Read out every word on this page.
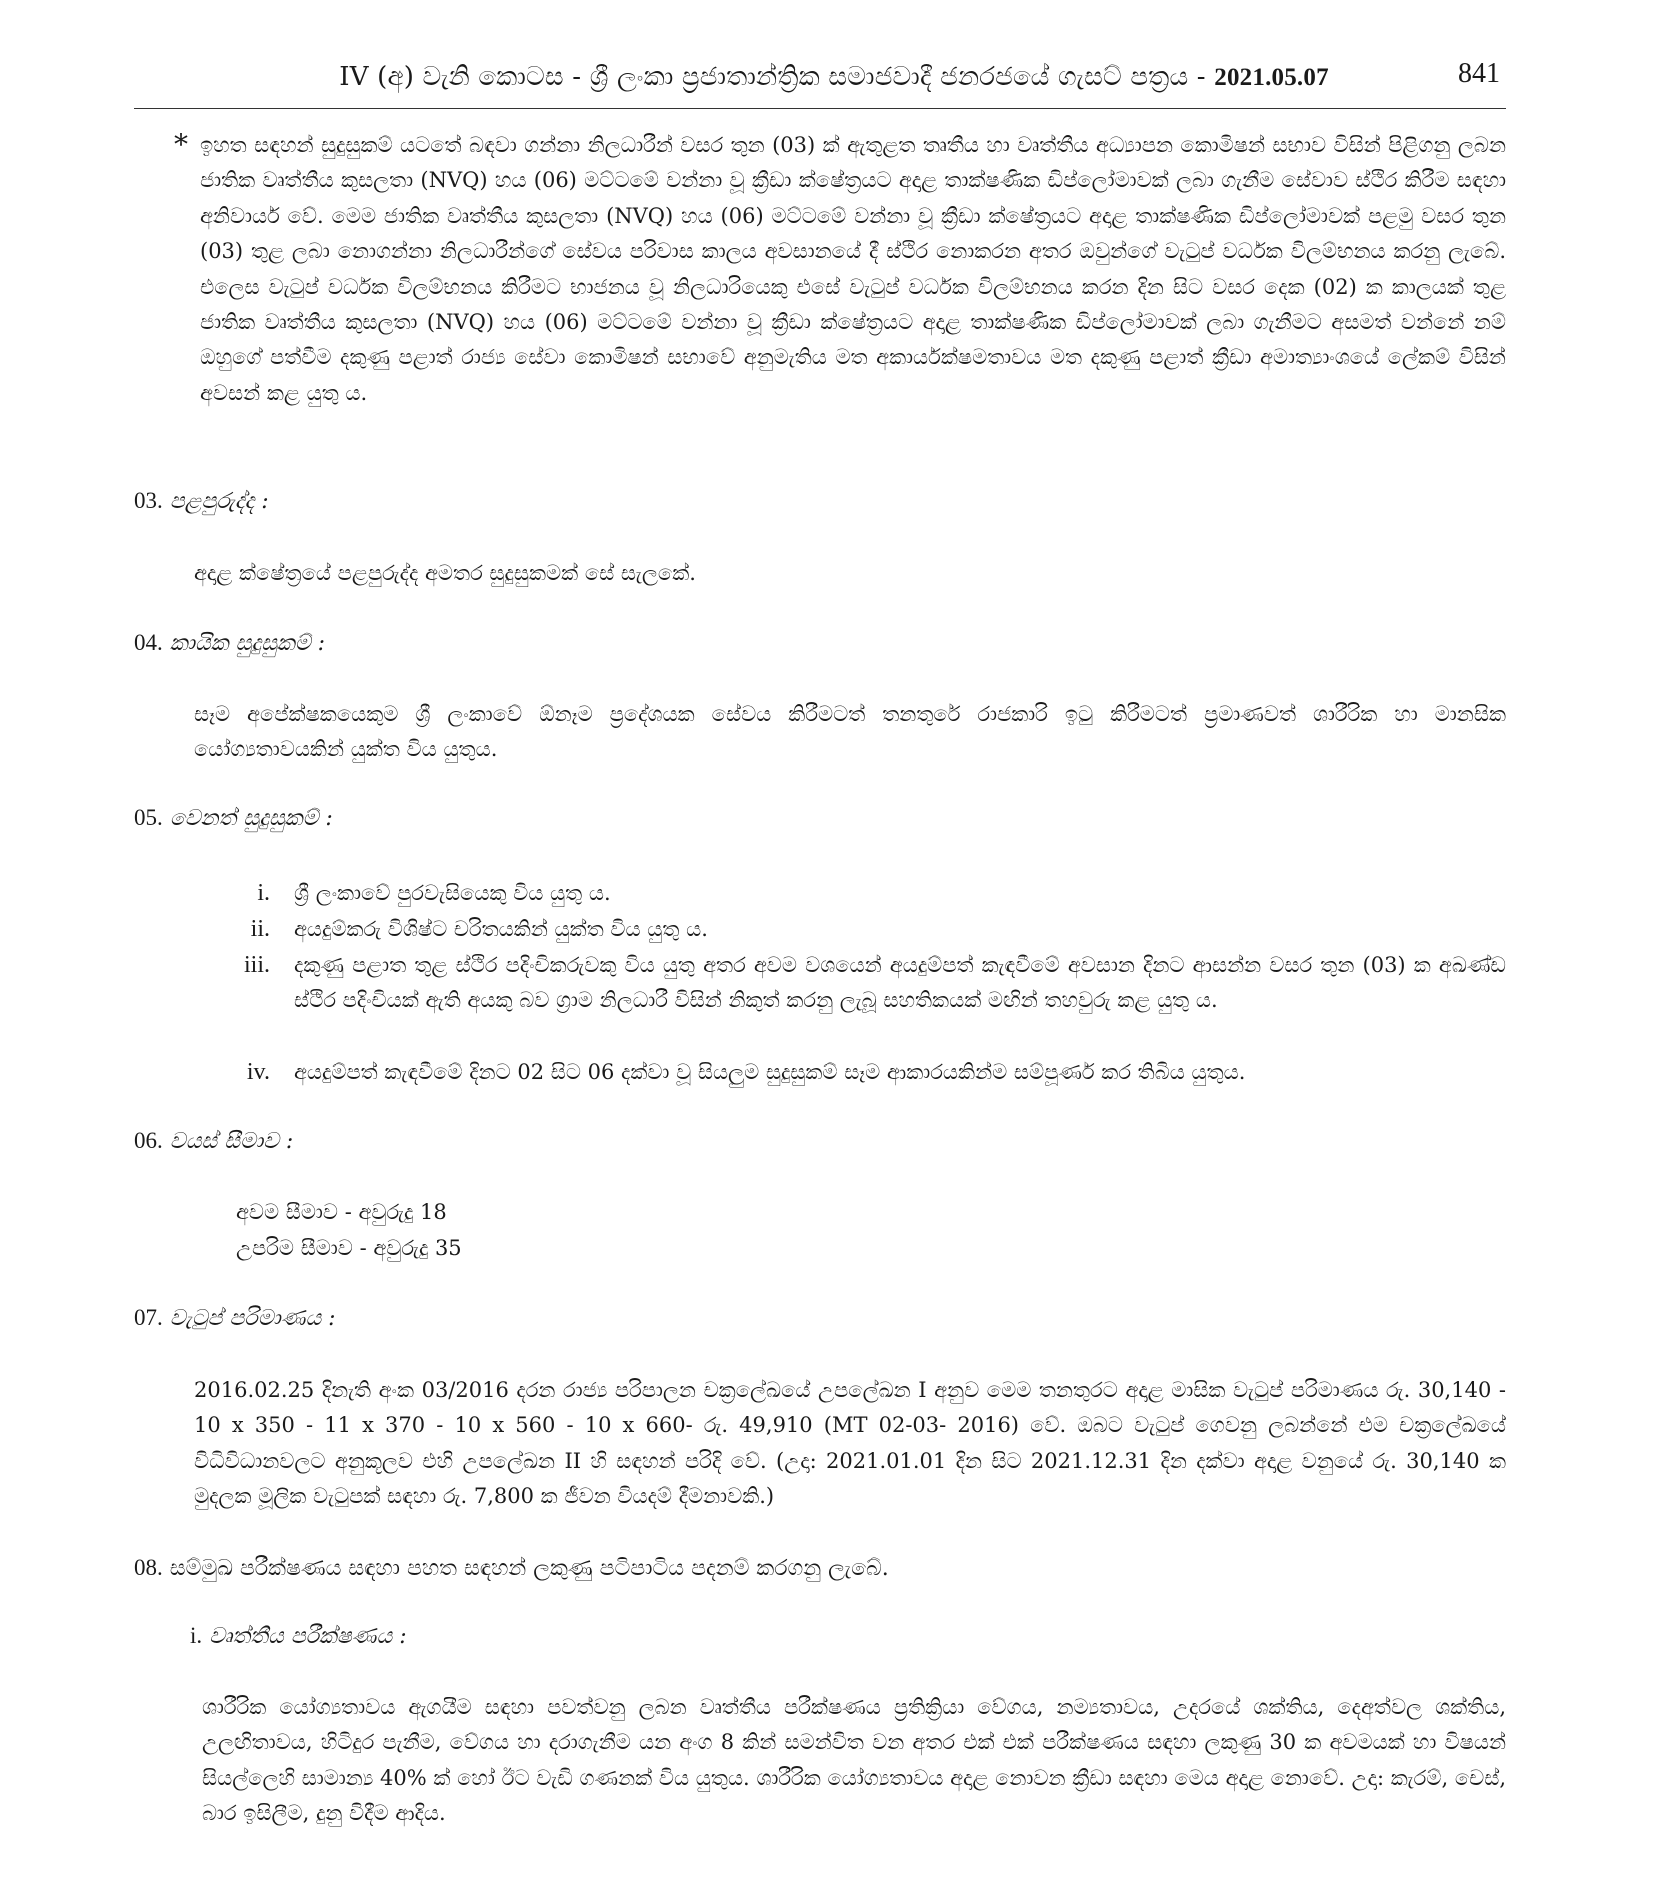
IV (අ) වැනි කොටස - ශ්‍රී ලංකා ප්‍රජාතාන්ත්‍රික සමාජවාදී ජනරජයේ ගැසට් පත්‍රය - 2021.05.07	841
* ඉහත සඳහන් සුදුසුකම් යටතේ බඳවා ගන්නා නිලධාරීන් වසර තුන (03) ක් ඇතුළත තෘතීය හා වෘත්තීය අධ්‍යාපන කොමිෂන් සභාව විසින් පිළිගනු ලබන ජාතික වෘත්තීය කුසලතා (NVQ) හය (06) මට්ටමේ වන්නා වූ ක්‍රීඩා ක්ෂේත්‍රයට අදාළ තාක්ෂණික ඩිප්ලෝමාවක් ලබා ගැනීම සේවාව ස්ථිර කිරීම සඳහා අනිවාර්ය වේ. මෙම ජාතික වෘත්තීය කුසලතා (NVQ) හය (06) මට්ටමේ වන්නා වූ ක්‍රීඩා ක්ෂේත්‍රයට අදාළ තාක්ෂණික ඩිප්ලෝමාවක් පළමු වසර තුන (03) තුළ ලබා නොගන්නා නිලධාරීන්ගේ සේවය පරිවාස කාලය අවසානයේ දී ස්ථිර නොකරන අතර ඔවුන්ගේ වැටුප් වර්ධක විලම්භනය කරනු ලැබේ. එලෙස වැටුප් වර්ධක විලම්භනය කිරීමට භාජනය වූ නිලධාරියෙකු එසේ වැටුප් වර්ධක විලම්භනය කරන දින සිට වසර දෙක (02) ක කාලයක් තුළ ජාතික වෘත්තීය කුසලතා (NVQ) හය (06) මට්ටමේ වන්නා වූ ක්‍රීඩා ක්ෂේත්‍රයට අදාළ තාක්ෂණික ඩිප්ලෝමාවක් ලබා ගැනීමට අසමත් වන්නේ නම් ඔහුගේ පත්වීම දකුණු පළාත් රාජ්‍ය සේවා කොමිෂන් සභාවේ අනුමැතිය මත අකාර්යක්ෂමතාවය මත දකුණු පළාත් ක්‍රීඩා අමාත්‍යාංශයේ ලේකම් විසින් අවසන් කළ යුතු ය.
03. පළපුරුද්ද :
අදාළ ක්ෂේත්‍රයේ පළපුරුද්ද අමතර සුදුසුකමක් සේ සැලකේ.
04. කායික සුදුසුකම් :
සෑම අපේක්ෂකයෙකුම ශ්‍රී ලංකාවේ ඕනෑම ප්‍රදේශයක සේවය කිරීමටත් තනතුරේ රාජකාරි ඉටු කිරීමටත් ප්‍රමාණවත් ශාරීරික හා මානසික යෝග්‍යතාවයකින් යුක්ත විය යුතුය.
05. වෙනත් සුදුසුකම් :
i. ශ්‍රී ලංකාවේ පුරවැසියෙකු විය යුතු ය.
ii. අයදුම්කරු විශිෂ්ට චරිතයකින් යුක්ත විය යුතු ය.
iii. දකුණු පළාත තුළ ස්ථිර පදිංචිකරුවකු විය යුතු අතර අවම වශයෙන් අයදුම්පත් කැඳවීමේ අවසාන දිනට ආසන්න වසර තුන (03) ක අඛණ්ඩ ස්ථිර පදිංචියක් ඇති අයකු බව ග්‍රාම නිලධාරී විසින් නිකුත් කරනු ලැබූ සහතිකයක් මඟින් තහවුරු කළ යුතු ය.
iv. අයදුම්පත් කැඳවීමේ දිනට 02 සිට 06 දක්වා වූ සියලුම සුදුසුකම් සෑම ආකාරයකින්ම සම්පූර්ණ කර තිබිය යුතුය.
06. වයස් සීමාව :
අවම සීමාව - අවුරුදු 18
උපරිම සීමාව - අවුරුදු 35
07. වැටුප් පරිමාණය :
2016.02.25 දිනැති අංක 03/2016 දරන රාජ්‍ය පරිපාලන චක්‍රලේඛයේ උපලේඛන I අනුව මෙම තනතුරට අදාළ මාසික වැටුප් පරිමාණය රු. 30,140 - 10 x 350 - 11 x 370 - 10 x 560 - 10 x 660- රු. 49,910 (MT 02-03- 2016) වේ. ඔබට වැටුප් ගෙවනු ලබන්නේ එම චක්‍රලේඛයේ විධිවිධානවලට අනුකූලව එහි උපලේඛන II හි සඳහන් පරිදි වේ. (උදා: 2021.01.01 දින සිට 2021.12.31 දින දක්වා අදාළ වනුයේ රු. 30,140 ක මුදලක මූලික වැටුපක් සඳහා රු. 7,800 ක ජීවන වියදම් දීමනාවකි.)
08. සම්මුඛ පරීක්ෂණය සඳහා පහත සඳහන් ලකුණු පටිපාටිය පදනම් කරගනු ලැබේ.
i. වෘත්තීය පරීක්ෂණය :
ශාරීරික යෝග්‍යතාවය ඇගයීම සඳහා පවත්වනු ලබන වෘත්තීය පරීක්ෂණය ප්‍රතික්‍රියා වේගය, නම්‍යතාවය, උදරයේ ශක්තිය, දෙඅත්වල ශක්තිය, උලඟිතාවය, හිටිදුර පැනීම, වේගය හා දරාගැනීම යන අංග 8 කින් සමන්විත වන අතර එක් එක් පරීක්ෂණය සඳහා ලකුණු 30 ක අවමයක් හා විෂයන් සියල්ලෙහි සාමාන්‍ය 40% ක් හෝ ඊට වැඩි ගණනක් විය යුතුය. ශාරීරික යෝග්‍යතාවය අදාළ නොවන ක්‍රීඩා සඳහා මෙය අදාළ නොවේ. උදා: කැරම්, චෙස්, බාර ඉසිලීම, දුනු විදීම ආදිය.
